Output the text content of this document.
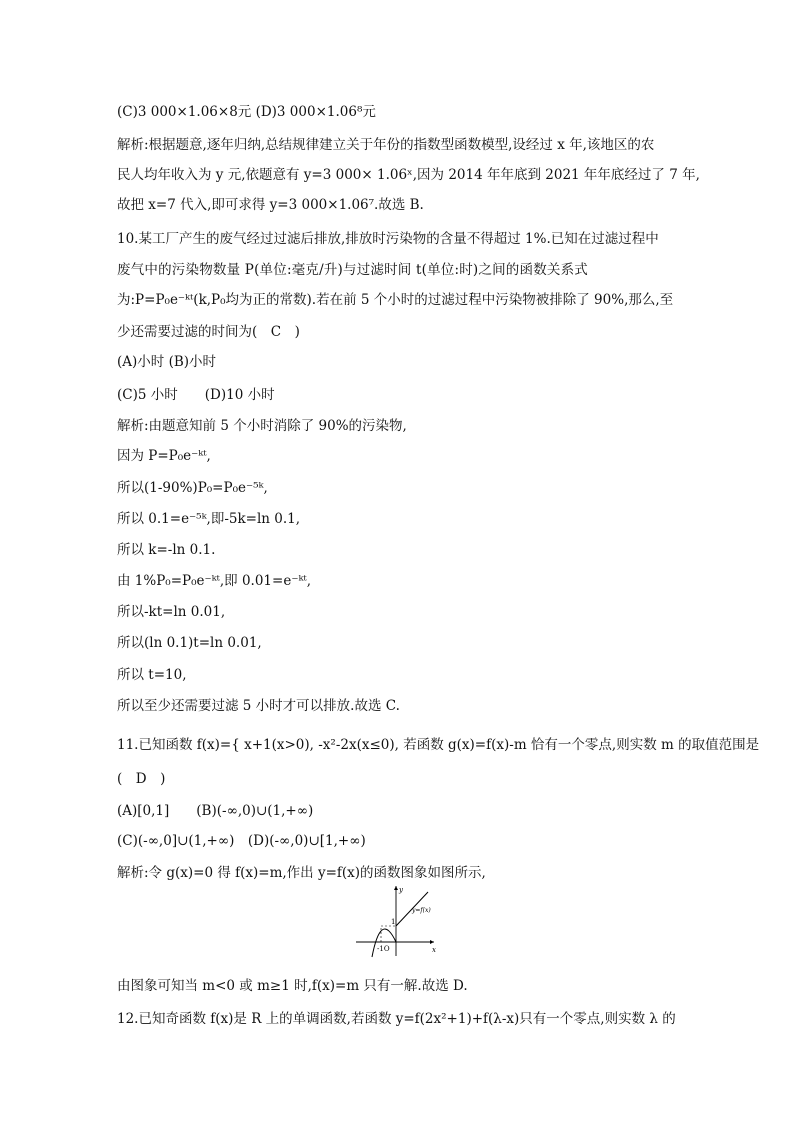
(C)3 000×1.06×8元 (D)3 000×1.06⁸元
解析:根据题意,逐年归纳,总结规律建立关于年份的指数型函数模型,设经过 x 年,该地区的农
民人均年收入为 y 元,依题意有 y=3 000× 1.06ˣ,因为 2014 年年底到 2021 年年底经过了 7 年,
故把 x=7 代入,即可求得 y=3 000×1.06⁷.故选 B.
10.某工厂产生的废气经过过滤后排放,排放时污染物的含量不得超过 1%.已知在过滤过程中
废气中的污染物数量 P(单位:毫克/升)与过滤时间 t(单位:时)之间的函数关系式
为:P=P₀e⁻ᵏᵗ(k,P₀均为正的常数).若在前 5 个小时的过滤过程中污染物被排除了 90%,那么,至
少还需要过滤的时间为(　C　)
(A)小时 (B)小时
(C)5 小时　　(D)10 小时
解析:由题意知前 5 个小时消除了 90%的污染物,
因为 P=P₀e⁻ᵏᵗ,
所以(1-90%)P₀=P₀e⁻⁵ᵏ,
所以 0.1=e⁻⁵ᵏ,即-5k=ln 0.1,
所以 k=-ln 0.1.
由 1%P₀=P₀e⁻ᵏᵗ,即 0.01=e⁻ᵏᵗ,
所以-kt=ln 0.01,
所以(ln 0.1)t=ln 0.01,
所以 t=10,
所以至少还需要过滤 5 小时才可以排放.故选 C.
11.已知函数 f(x)={ x+1(x>0), -x²-2x(x≤0), 若函数 g(x)=f(x)-m 恰有一个零点,则实数 m 的取值范围是
(　D　)
(A)[0,1]　　(B)(-∞,0)∪(1,+∞)
(C)(-∞,0]∪(1,+∞)　(D)(-∞,0)∪[1,+∞)
解析:令 g(x)=0 得 f(x)=m,作出 y=f(x)的函数图象如图所示,
y
x
y=f(x)
1
-1O
由图象可知当 m<0 或 m≥1 时,f(x)=m 只有一解.故选 D.
12.已知奇函数 f(x)是 R 上的单调函数,若函数 y=f(2x²+1)+f(λ-x)只有一个零点,则实数 λ 的
